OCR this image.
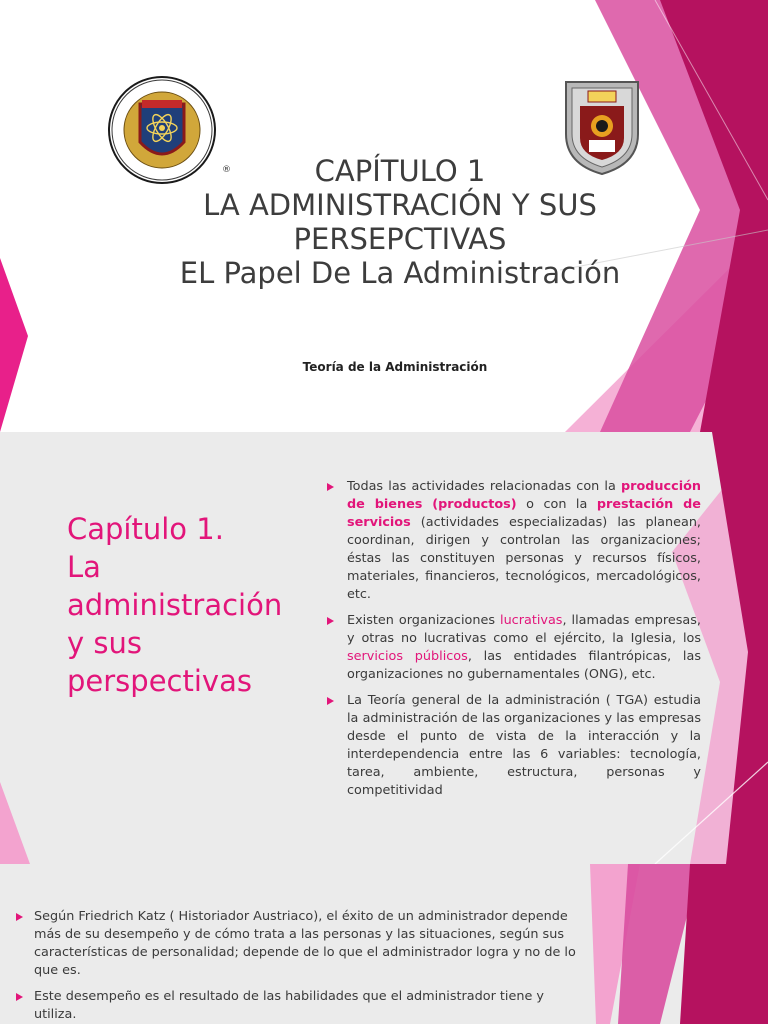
®	CAPÍTULO 1
LA ADMINISTRACIÓN Y SUS
PERSEPCTIVAS
EL Papel De La Administración
Teoría de la Administración
Capítulo 1.
La
administración
y sus
perspectivas
Todas las actividades relacionadas con la producción de bienes (productos) o con la prestación de servicios (actividades especializadas) las planean, coordinan, dirigen y controlan las organizaciones; éstas las constituyen personas y recursos físicos, materiales, financieros, tecnológicos, mercadológicos, etc.
Existen organizaciones lucrativas, llamadas empresas, y otras no lucrativas como el ejército, la Iglesia, los servicios públicos, las entidades filantrópicas, las organizaciones no gubernamentales (ONG), etc.
La Teoría general de la administración ( TGA) estudia la administración de las organizaciones y las empresas desde el punto de vista de la interacción y la interdependencia entre las 6 variables: tecnología, tarea, ambiente, estructura, personas y competitividad
Según Friedrich Katz ( Historiador Austriaco), el éxito de un administrador depende más de su desempeño y de cómo trata a las personas y las situaciones, según sus características de personalidad; depende de lo que el administrador logra y no de lo que es.
Este desempeño es el resultado de las habilidades que el administrador tiene y utiliza.
